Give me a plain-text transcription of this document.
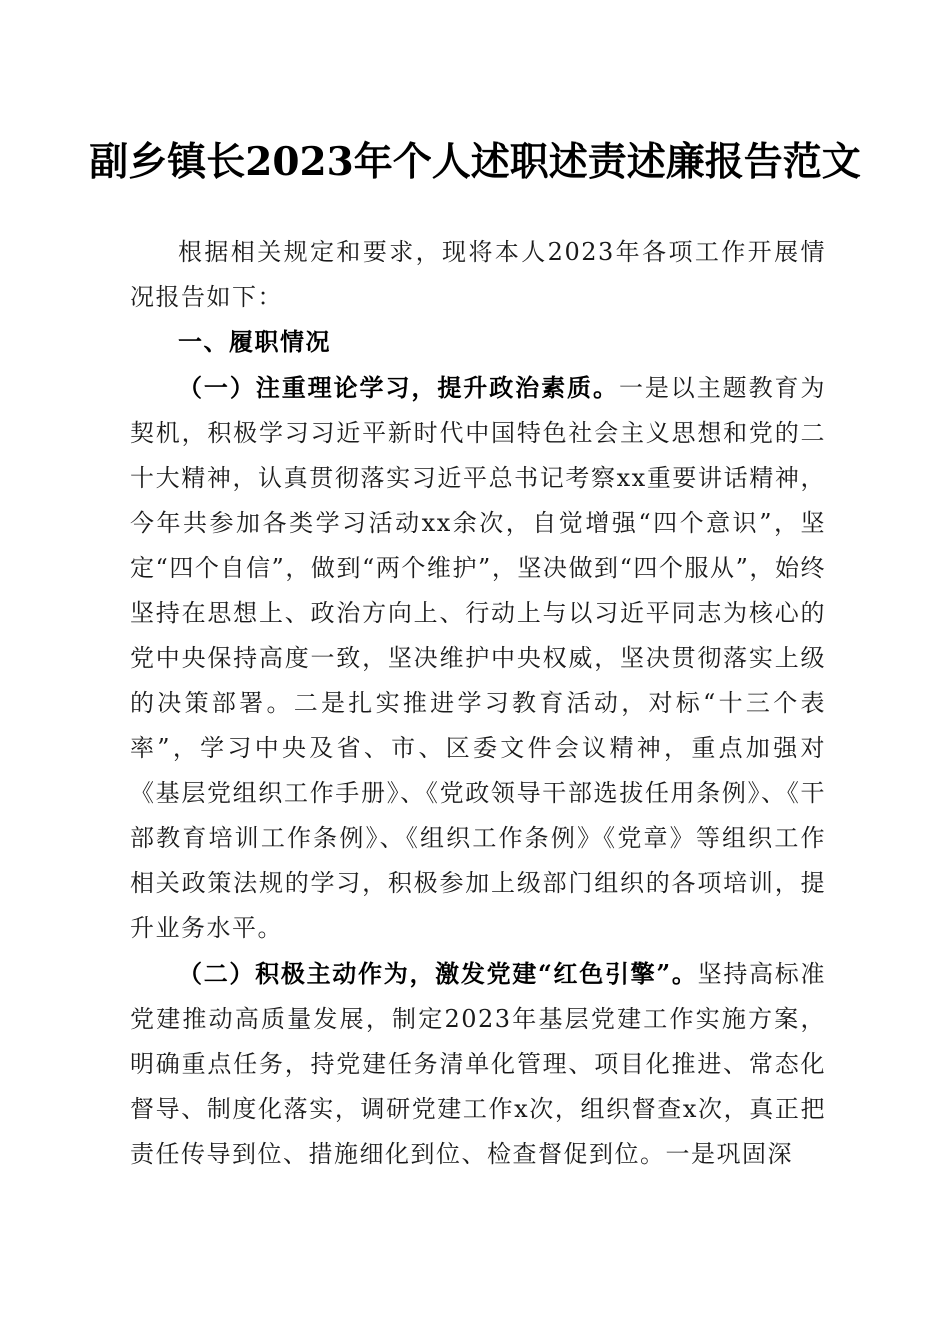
副乡镇长2023年个人述职述责述廉报告范文

根据相关规定和要求，现将本人2023年各项工作开展情况报告如下：

一、履职情况

（一）注重理论学习，提升政治素质。一是以主题教育为契机，积极学习习近平新时代中国特色社会主义思想和党的二十大精神，认真贯彻落实习近平总书记考察xx重要讲话精神，今年共参加各类学习活动xx余次，自觉增强“四个意识”，坚定“四个自信”，做到“两个维护”，坚决做到“四个服从”，始终坚持在思想上、政治方向上、行动上与以习近平同志为核心的党中央保持高度一致，坚决维护中央权威，坚决贯彻落实上级的决策部署。二是扎实推进学习教育活动，对标“十三个表率”，学习中央及省、市、区委文件会议精神，重点加强对《基层党组织工作手册》、《党政领导干部选拔任用条例》、《干部教育培训工作条例》、《组织工作条例》《党章》等组织工作相关政策法规的学习，积极参加上级部门组织的各项培训，提升业务水平。

（二）积极主动作为，激发党建“红色引擎”。坚持高标准党建推动高质量发展，制定2023年基层党建工作实施方案，明确重点任务，持党建任务清单化管理、项目化推进、常态化督导、制度化落实，调研党建工作x次，组织督查x次，真正把责任传导到位、措施细化到位、检查督促到位。一是巩固深
